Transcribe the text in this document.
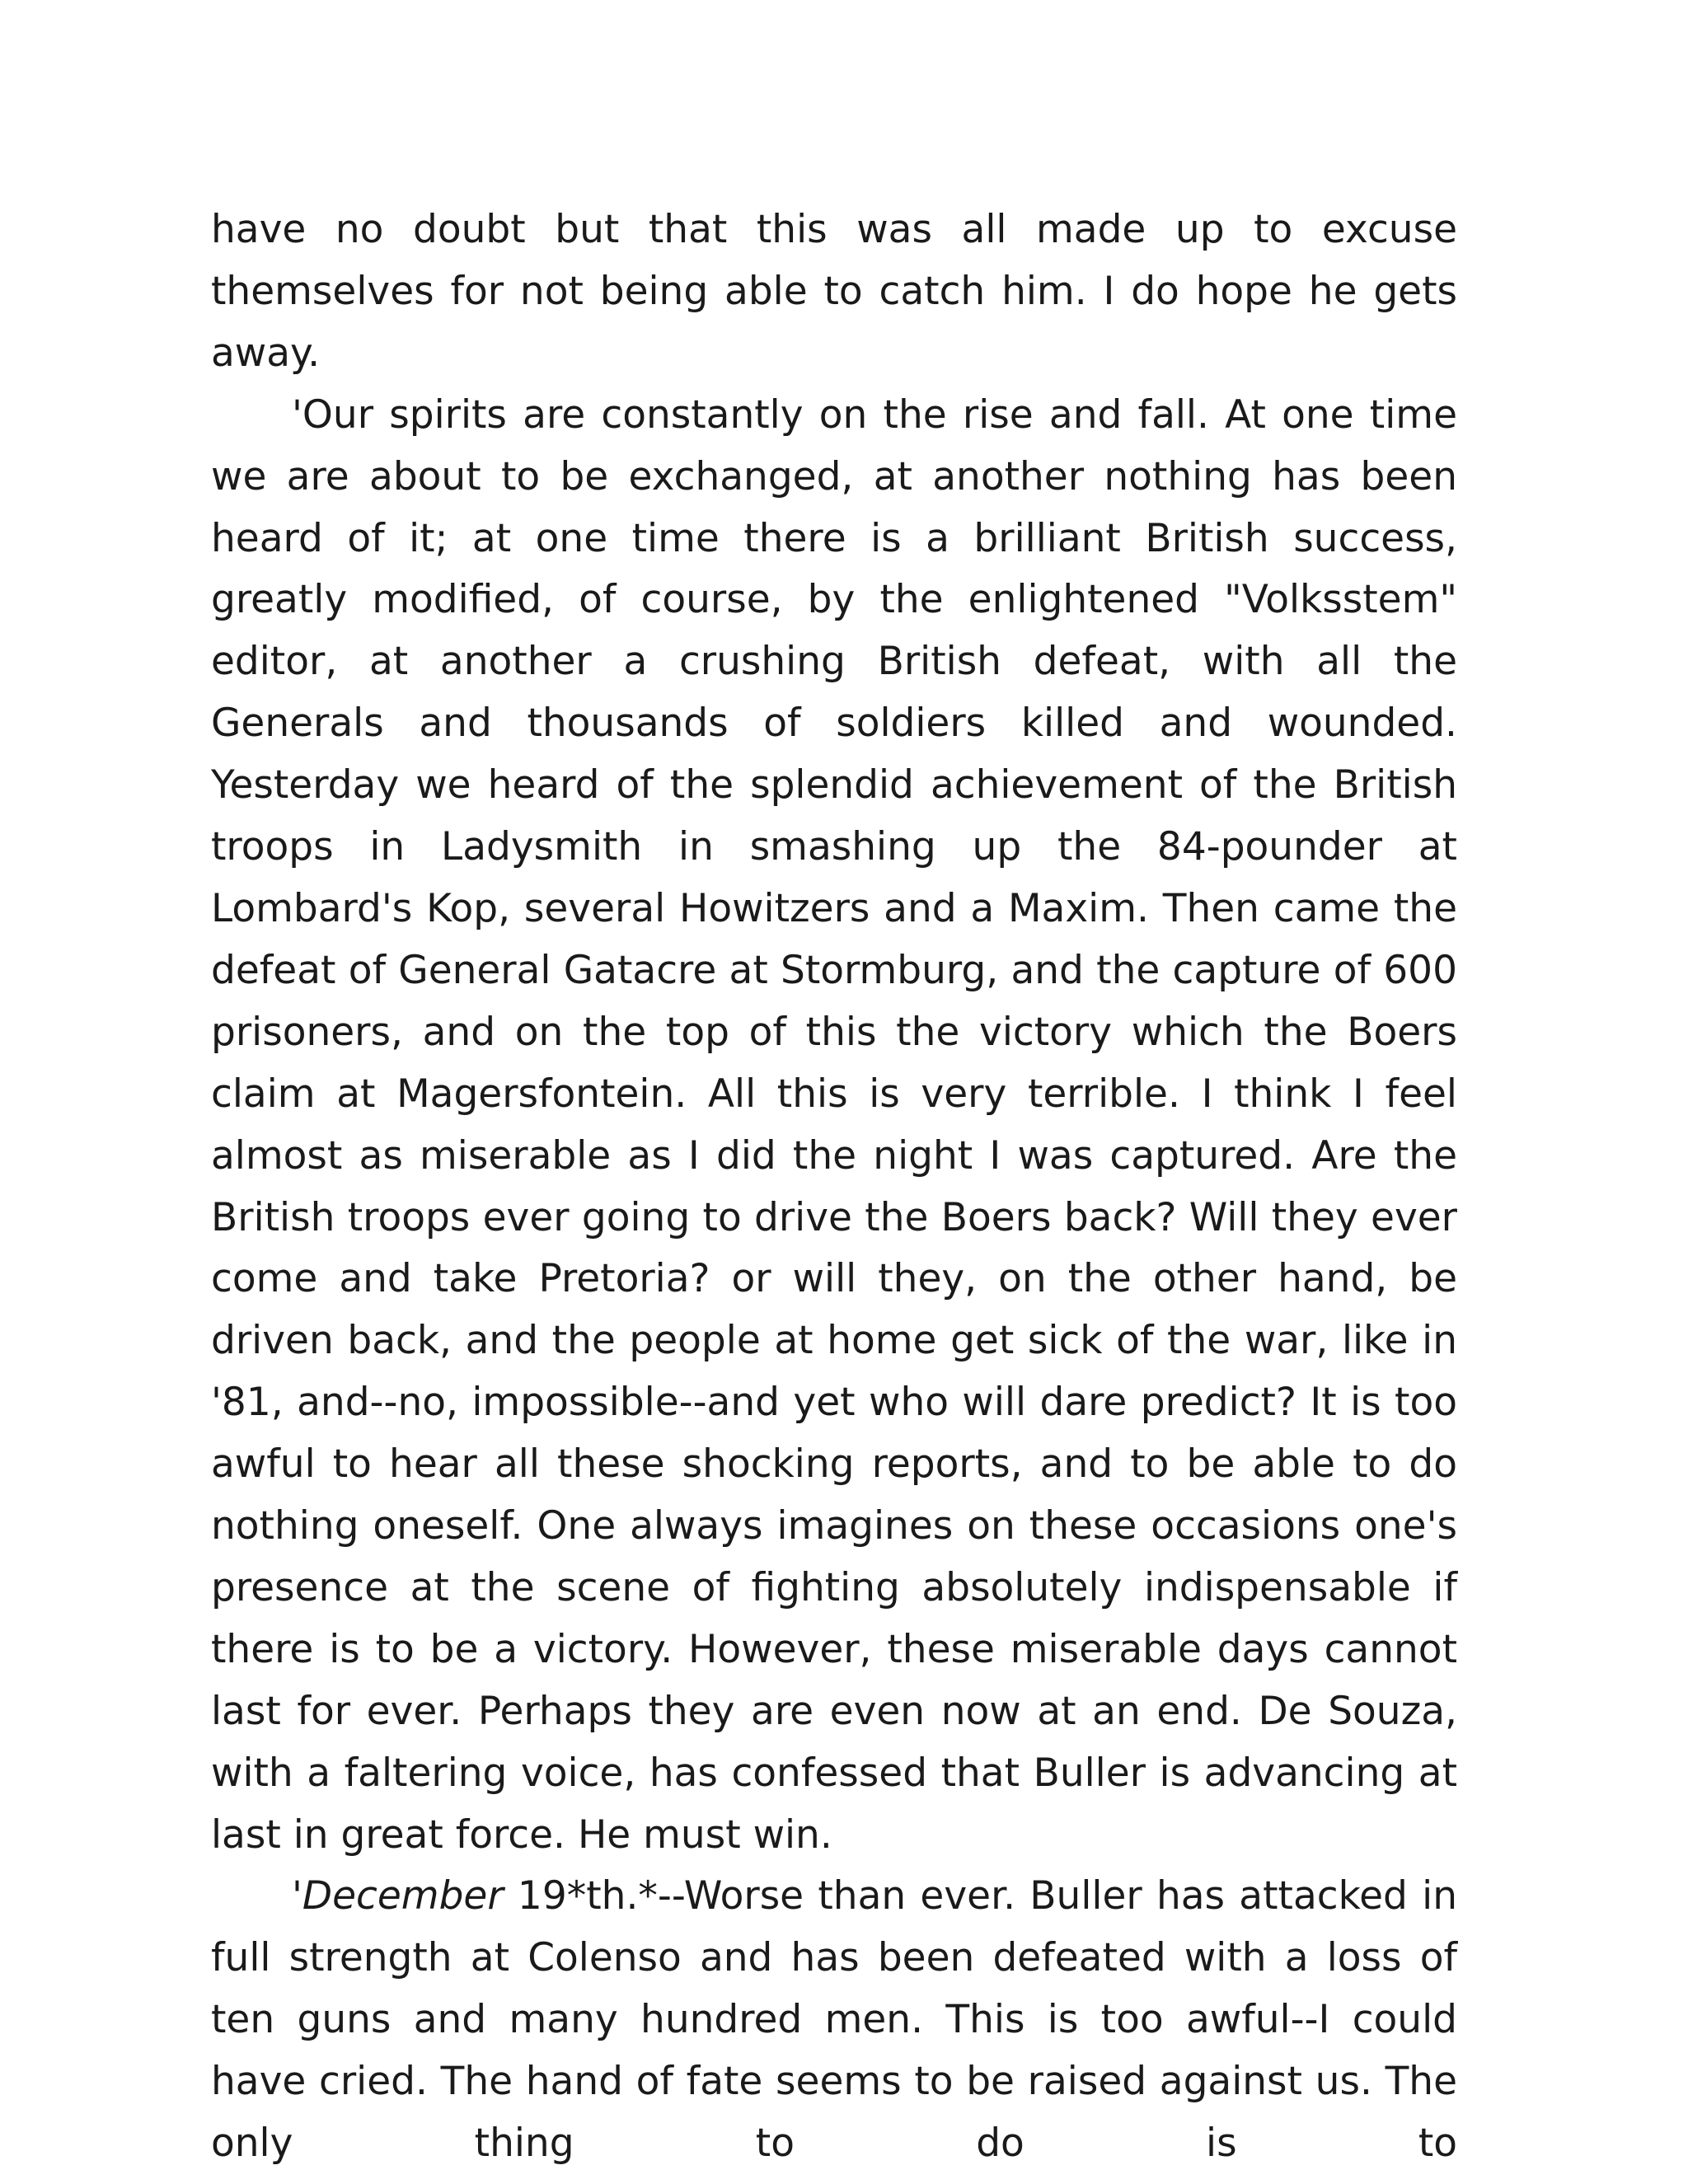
have no doubt but that this was all made up to excuse themselves for not being able to catch him. I do hope he gets away.

'Our spirits are constantly on the rise and fall. At one time we are about to be exchanged, at another nothing has been heard of it; at one time there is a brilliant British success, greatly modified, of course, by the enlightened "Volksstem" editor, at another a crushing British defeat, with all the Generals and thousands of soldiers killed and wounded. Yesterday we heard of the splendid achievement of the British troops in Ladysmith in smashing up the 84-pounder at Lombard's Kop, several Howitzers and a Maxim. Then came the defeat of General Gatacre at Stormburg, and the capture of 600 prisoners, and on the top of this the victory which the Boers claim at Magersfontein. All this is very terrible. I think I feel almost as miserable as I did the night I was captured. Are the British troops ever going to drive the Boers back? Will they ever come and take Pretoria? or will they, on the other hand, be driven back, and the people at home get sick of the war, like in '81, and--no, impossible--and yet who will dare predict? It is too awful to hear all these shocking reports, and to be able to do nothing oneself. One always imagines on these occasions one's presence at the scene of fighting absolutely indispensable if there is to be a victory. However, these miserable days cannot last for ever. Perhaps they are even now at an end. De Souza, with a faltering voice, has confessed that Buller is advancing at last in great force. He must win.

'December 19*th.*--Worse than ever. Buller has attacked in full strength at Colenso and has been defeated with a loss of ten guns and many hundred men. This is too awful--I could have cried. The hand of fate seems to be raised against us. The only thing to do is to
